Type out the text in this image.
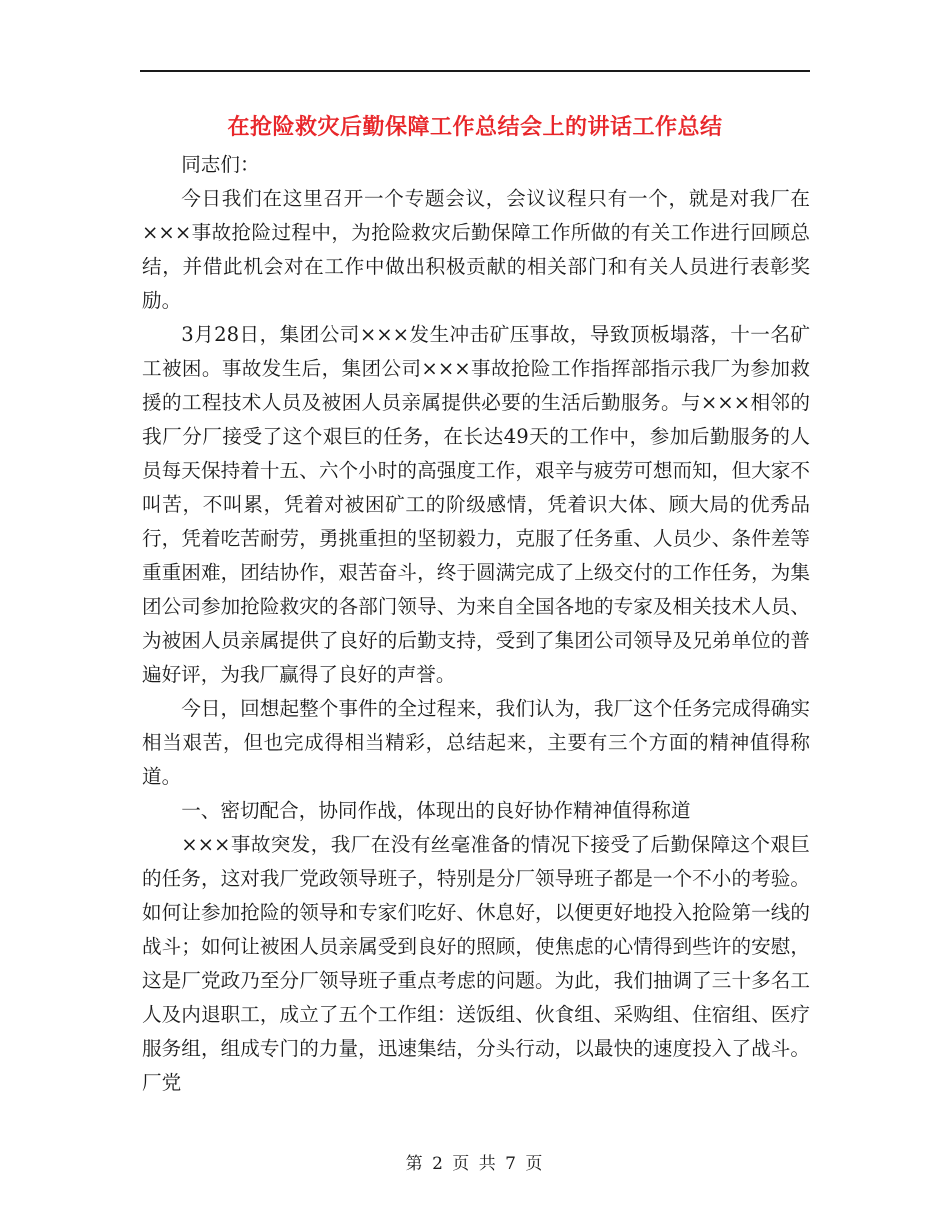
在抢险救灾后勤保障工作总结会上的讲话工作总结

同志们：

今日我们在这里召开一个专题会议，会议议程只有一个，就是对我厂在×××事故抢险过程中，为抢险救灾后勤保障工作所做的有关工作进行回顾总结，并借此机会对在工作中做出积极贡献的相关部门和有关人员进行表彰奖励。

3月28日，集团公司×××发生冲击矿压事故，导致顶板塌落，十一名矿工被困。事故发生后，集团公司×××事故抢险工作指挥部指示我厂为参加救援的工程技术人员及被困人员亲属提供必要的生活后勤服务。与×××相邻的我厂分厂接受了这个艰巨的任务，在长达49天的工作中，参加后勤服务的人员每天保持着十五、六个小时的高强度工作，艰辛与疲劳可想而知，但大家不叫苦，不叫累，凭着对被困矿工的阶级感情，凭着识大体、顾大局的优秀品行，凭着吃苦耐劳，勇挑重担的坚韧毅力，克服了任务重、人员少、条件差等重重困难，团结协作，艰苦奋斗，终于圆满完成了上级交付的工作任务，为集团公司参加抢险救灾的各部门领导、为来自全国各地的专家及相关技术人员、为被困人员亲属提供了良好的后勤支持，受到了集团公司领导及兄弟单位的普遍好评，为我厂赢得了良好的声誉。

今日，回想起整个事件的全过程来，我们认为，我厂这个任务完成得确实相当艰苦，但也完成得相当精彩，总结起来，主要有三个方面的精神值得称道。

一、密切配合，协同作战，体现出的良好协作精神值得称道

×××事故突发，我厂在没有丝毫准备的情况下接受了后勤保障这个艰巨的任务，这对我厂党政领导班子，特别是分厂领导班子都是一个不小的考验。如何让参加抢险的领导和专家们吃好、休息好，以便更好地投入抢险第一线的战斗；如何让被困人员亲属受到良好的照顾，使焦虑的心情得到些许的安慰，这是厂党政乃至分厂领导班子重点考虑的问题。为此，我们抽调了三十多名工人及内退职工，成立了五个工作组：送饭组、伙食组、采购组、住宿组、医疗服务组，组成专门的力量，迅速集结，分头行动，以最快的速度投入了战斗。厂党

第 2 页 共 7 页
